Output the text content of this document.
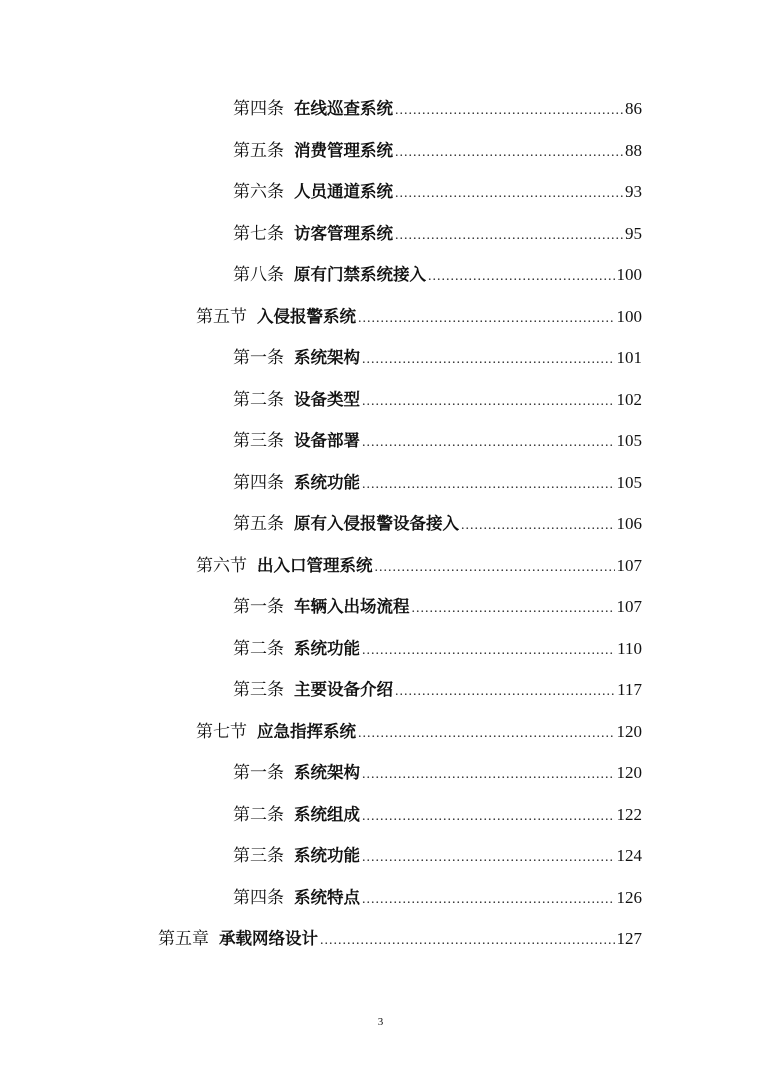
第四条 在线巡查系统 .....	86
第五条 消费管理系统 .....	88
第六条 人员通道系统 .....	93
第七条 访客管理系统 .....	95
第八条 原有门禁系统接入 .....	100
第五节 入侵报警系统 .....	100
第一条 系统架构 .....	101
第二条 设备类型 .....	102
第三条 设备部署 .....	105
第四条 系统功能 .....	105
第五条 原有入侵报警设备接入 .....	106
第六节 出入口管理系统 .....	107
第一条 车辆入出场流程 .....	107
第二条 系统功能 .....	110
第三条 主要设备介绍 .....	117
第七节 应急指挥系统 .....	120
第一条 系统架构 .....	120
第二条 系统组成 .....	122
第三条 系统功能 .....	124
第四条 系统特点 .....	126
第五章 承载网络设计 .....	127
3
